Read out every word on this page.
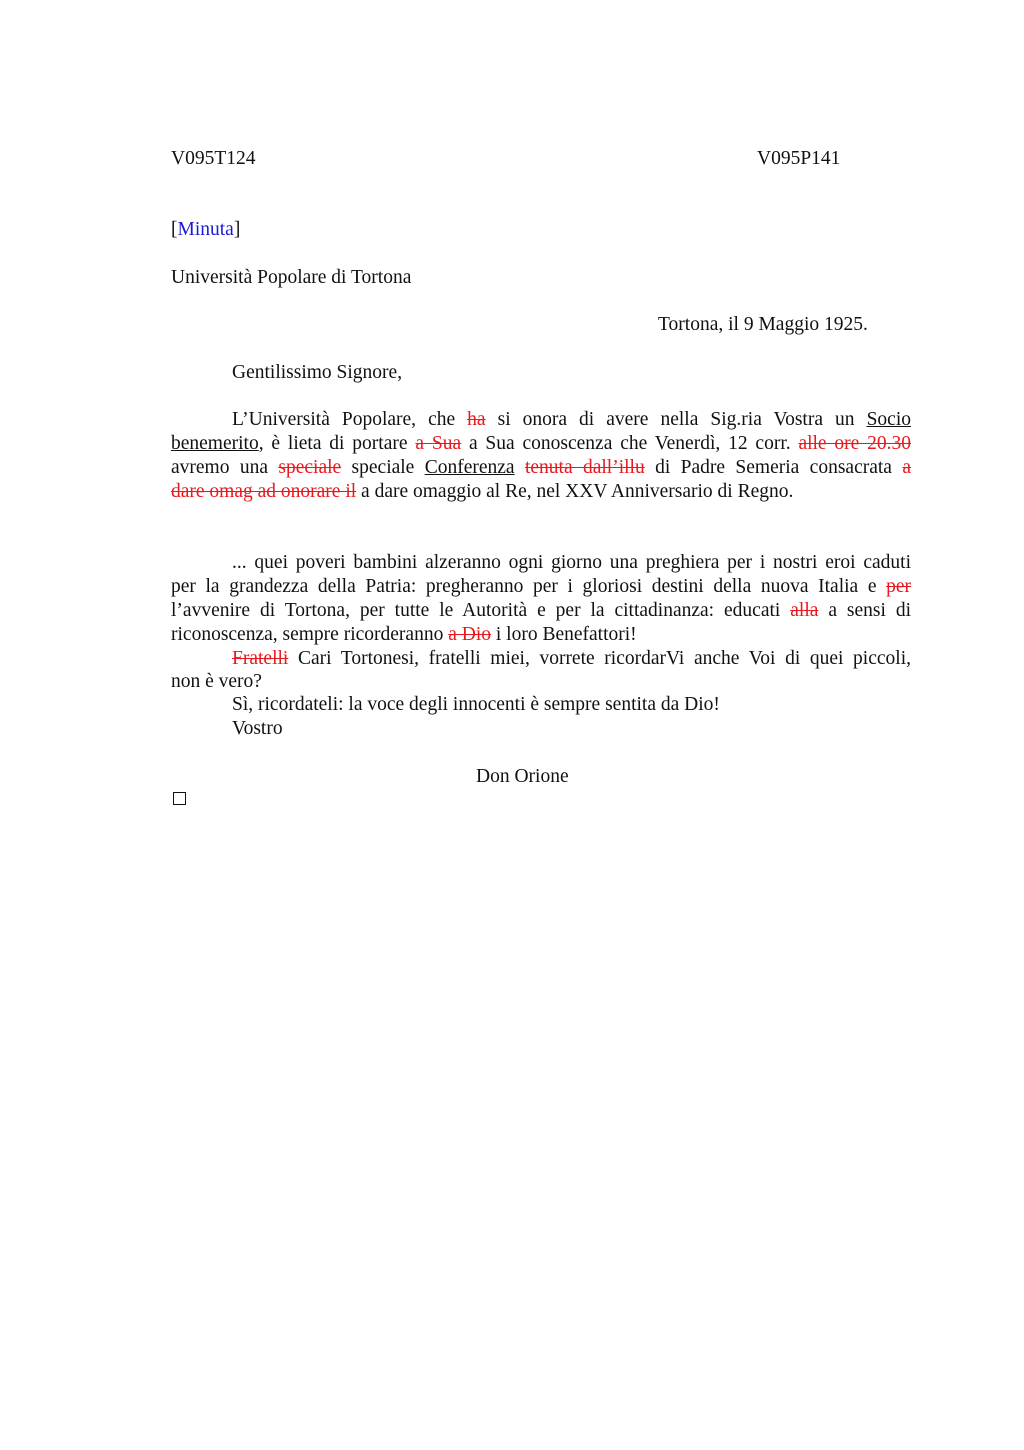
V095T124	V095P141
[Minuta]
Università Popolare di Tortona
Tortona, il 9 Maggio 1925.
Gentilissimo Signore,
L’Università Popolare, che ha si onora di avere nella Sig.ria Vostra un Socio
benemerito, è lieta di portare a Sua a Sua conoscenza che Venerdì, 12 corr. alle ore 20.30
avremo una speciale speciale Conferenza tenuta dall’illu di Padre Semeria consacrata a
dare omag ad onorare il a dare omaggio al Re, nel XXV Anniversario di Regno.
... quei poveri bambini alzeranno ogni giorno una preghiera per i nostri eroi caduti
per la grandezza della Patria: pregheranno per i gloriosi destini della nuova Italia e per
l’avvenire di Tortona, per tutte le Autorità e per la cittadinanza: educati alla a sensi di
riconoscenza, sempre ricorderanno a Dio i loro Benefattori!
Fratelli Cari Tortonesi, fratelli miei, vorrete ricordarVi anche Voi di quei piccoli,
non è vero?
Sì, ricordateli: la voce degli innocenti è sempre sentita da Dio!
Vostro
Don Orione
